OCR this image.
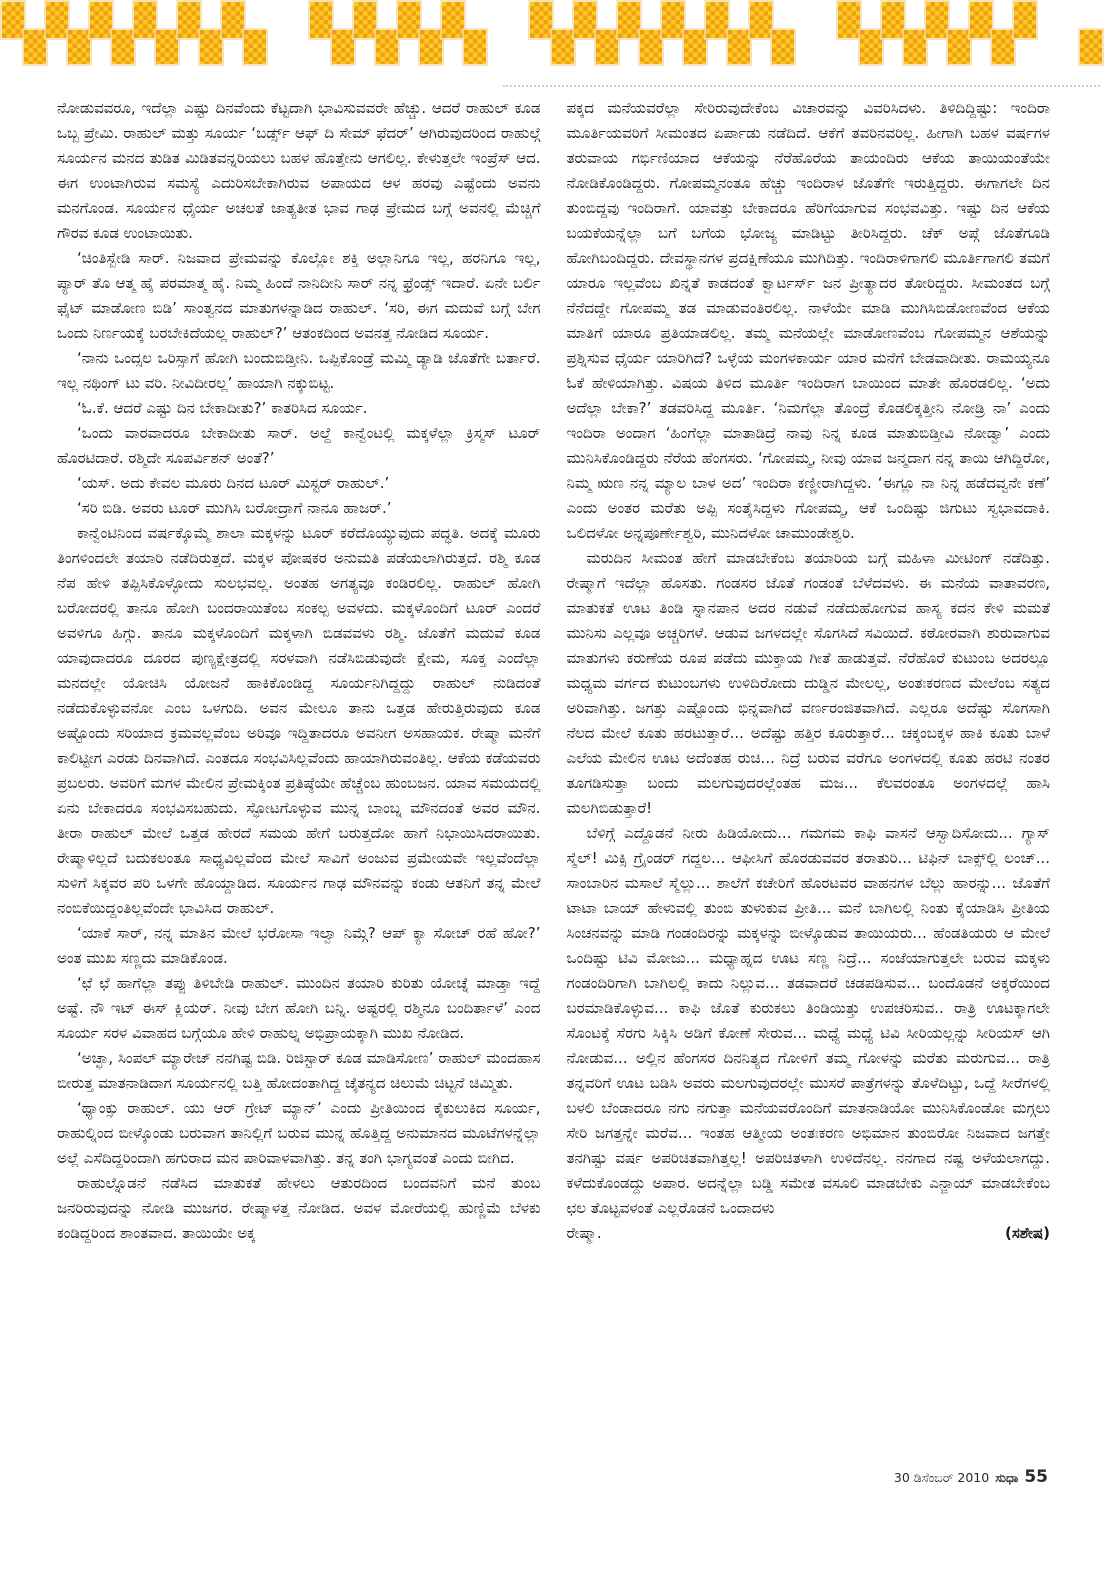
ನೋಡುವವರೂ, ಇದೆಲ್ಲಾ ಎಷ್ಟು ದಿನವೆಂದು ಕೆಟ್ಟದಾಗಿ ಭಾವಿಸುವವರೇ ಹೆಚ್ಚು. ಆದರೆ ರಾಹುಲ್ ಕೂಡ ಒಬ್ಬ ಪ್ರೇಮಿ. ರಾಹುಲ್ ಮತ್ತು ಸೂರ್ಯ ‘ಬರ್ಡ್ಸ್ ಆಫ್ ದಿ ಸೇಮ್ ಫೆದರ್’ ಆಗಿರುವುದರಿಂದ ರಾಹುಲ್ಗೆ ಸೂರ್ಯನ ಮನದ ತುಡಿತ ಮಿಡಿತವನ್ನರಿಯಲು ಬಹಳ ಹೊತ್ತೇನು ಆಗಲಿಲ್ಲ. ಕೇಳುತ್ತಲೇ ಇಂಪ್ರೆಸ್ ಆದ. ಈಗ ಉಂಟಾಗಿರುವ ಸಮಸ್ಯೆ ಎದುರಿಸಬೇಕಾಗಿರುವ ಅಪಾಯದ ಆಳ ಹರವು ಎಷ್ಟೆಂದು ಅವನು ಮನಗೊಂಡ. ಸೂರ್ಯನ ಧೈರ್ಯ ಅಚಲತೆ ಜಾತ್ಯತೀತ ಭಾವ ಗಾಢ ಪ್ರೇಮದ ಬಗ್ಗೆ ಅವನಲ್ಲಿ ಮೆಚ್ಚಿಗೆ ಗೌರವ ಕೂಡ ಉಂಟಾಯಿತು.

‘ಚಿಂತಿಸ್ಬೇಡಿ ಸಾರ್. ನಿಜವಾದ ಪ್ರೇಮವನ್ನು ಕೊಲ್ಲೋ ಶಕ್ತಿ ಅಲ್ಲಾನಿಗೂ ಇಲ್ಲ, ಹರನಿಗೂ ಇಲ್ಲ, ಪ್ಯಾರ್ ತೊ ಆತ್ಮ ಹೈ ಪರಮಾತ್ಮ ಹೈ. ನಿಮ್ಮ ಹಿಂದೆ ನಾನಿದೀನಿ ಸಾರ್ ನನ್ನ ಫ್ರೆಂಡ್ಸ್ ಇದಾರೆ. ಏನೇ ಬರ್ಲಿ ಫೈಟ್ ಮಾಡೋಣ ಬಿಡಿ’ ಸಾಂತ್ವನದ ಮಾತುಗಳನ್ನಾಡಿದ ರಾಹುಲ್. ‘ಸರಿ, ಈಗ ಮದುವೆ ಬಗ್ಗೆ ಬೇಗ ಒಂದು ನಿರ್ಣಯಕ್ಕೆ ಬರಬೇಕಿದೆಯಲ್ಲ ರಾಹುಲ್?’ ಆತಂಕದಿಂದ ಅವನತ್ತ ನೋಡಿದ ಸೂರ್ಯ.

‘ನಾನು ಒಂದ್ಸಲ ಒರಿಸ್ಸಾಗೆ ಹೋಗಿ ಬಂದುಬಿಡ್ತೀನಿ. ಒಪ್ಪಿಕೊಂಡ್ರೆ ಮಮ್ಮಿ ಡ್ಯಾಡಿ ಜೊತೆಗೇ ಬರ್ತಾರೆ. ಇಲ್ಲ ನಥಿಂಗ್ ಟು ವರಿ. ನೀವಿದೀರಲ್ಲ’ ಹಾಯಾಗಿ ನಕ್ಕುಬಿಟ್ಟ.

‘ಓ.ಕೆ. ಆದರೆ ಎಷ್ಟು ದಿನ ಬೇಕಾದೀತು?’ ಕಾತರಿಸಿದ ಸೂರ್ಯ.

‘ಒಂದು ವಾರವಾದರೂ ಬೇಕಾದೀತು ಸಾರ್. ಅಲ್ದೆ ಕಾನ್ವೆಂಟಲ್ಲಿ ಮಕ್ಕಳೆಲ್ಲಾ ಕ್ರಿಸ್ಮಸ್ ಟೂರ್ ಹೊರಟಿದಾರೆ. ರಶ್ಮಿದೇ ಸೂಪರ್ವಿಶನ್ ಅಂತೆ?’

‘ಯಸ್. ಅದು ಕೇವಲ ಮೂರು ದಿನದ ಟೂರ್ ಮಿಸ್ಟರ್ ರಾಹುಲ್.’

‘ಸರಿ ಬಿಡಿ. ಅವರು ಟೂರ್ ಮುಗಿಸಿ ಬರೋದ್ರಾಗೆ ನಾನೂ ಹಾಜರ್.’

ಕಾನ್ವೆಂಟಿನಿಂದ ವರ್ಷಕ್ಕೊಮ್ಮೆ ಶಾಲಾ ಮಕ್ಕಳನ್ನು ಟೂರ್ ಕರೆದೊಯ್ಯುವುದು ಪದ್ಧತಿ. ಅದಕ್ಕೆ ಮೂರು ತಿಂಗಳಿಂದಲೇ ತಯಾರಿ ನಡೆದಿರುತ್ತದೆ. ಮಕ್ಕಳ ಪೋಷಕರ ಅನುಮತಿ ಪಡೆಯಲಾಗಿರುತ್ತದೆ. ರಶ್ಮಿ ಕೂಡ ನೆಪ ಹೇಳಿ ತಪ್ಪಿಸಿಕೊಳ್ಳೋದು ಸುಲಭವಲ್ಲ. ಅಂತಹ ಅಗತ್ಯವೂ ಕಂಡಿರಲಿಲ್ಲ. ರಾಹುಲ್ ಹೋಗಿ ಬರೋದರಲ್ಲಿ ತಾನೂ ಹೋಗಿ ಬಂದರಾಯಿತೆಂಬ ಸಂಕಲ್ಪ ಅವಳದು. ಮಕ್ಕಳೊಂದಿಗೆ ಟೂರ್ ಎಂದರೆ ಅವಳಿಗೂ ಹಿಗ್ಗು. ತಾನೂ ಮಕ್ಕಳೊಂದಿಗೆ ಮಕ್ಕಳಾಗಿ ಬಿಡವವಳು ರಶ್ಮಿ. ಜೊತೆಗೆ ಮದುವೆ ಕೂಡ ಯಾವುದಾದರೂ ದೂರದ ಪುಣ್ಯಕ್ಷೇತ್ರದಲ್ಲಿ ಸರಳವಾಗಿ ನಡೆಸಿಬಿಡುವುದೇ ಕ್ಷೇಮ, ಸೂಕ್ತ ಎಂದೆಲ್ಲಾ ಮನದಲ್ಲೇ ಯೋಚಿಸಿ ಯೋಜನೆ ಹಾಕಿಕೊಂಡಿದ್ದ ಸೂರ್ಯನಿಗಿದ್ದದ್ದು ರಾಹುಲ್ ನುಡಿದಂತೆ ನಡೆದುಕೊಳ್ಳುವನೋ ಎಂಬ ಒಳಗುದಿ. ಅವನ ಮೇಲೂ ತಾನು ಒತ್ತಡ ಹೇರುತ್ತಿರುವುದು ಕೂಡ ಅಷ್ಟೊಂದು ಸರಿಯಾದ ಕ್ರಮವಲ್ಲವೆಂಬ ಅರಿವೂ ಇದ್ದಿತಾದರೂ ಅವನೀಗ ಅಸಹಾಯಕ. ರೇಷ್ಮಾ ಮನೆಗೆ ಕಾಲಿಟ್ಟೀಗ ಎರಡು ದಿನವಾಗಿದೆ. ಎಂತದೂ ಸಂಭವಿಸಿಲ್ಲವೆಂದು ಹಾಯಾಗಿರುವಂತಿಲ್ಲ. ಆಕೆಯ ಕಡೆಯವರು ಪ್ರಬಲರು. ಅವರಿಗೆ ಮಗಳ ಮೇಲಿನ ಪ್ರೇಮಕ್ಕಿಂತ ಪ್ರತಿಷ್ಠೆಯೇ ಹೆಚ್ಚೆಂಬ ಹುಂಬಜನ. ಯಾವ ಸಮಯದಲ್ಲಿ ಏನು ಬೇಕಾದರೂ ಸಂಭವಿಸಬಹುದು. ಸ್ಫೋಟಗೊಳ್ಳುವ ಮುನ್ನ ಬಾಂಬ್ನ ಮೌನದಂತೆ ಅವರ ಮೌನ. ತೀರಾ ರಾಹುಲ್ ಮೇಲೆ ಒತ್ತಡ ಹೇರದೆ ಸಮಯ ಹೇಗೆ ಬರುತ್ತದೋ ಹಾಗೆ ನಿಭಾಯಿಸಿದರಾಯಿತು. ರೇಷ್ಮಾಳಿಲ್ಲದೆ ಬದುಕಲಂತೂ ಸಾಧ್ಯವಿಲ್ಲವೆಂದ ಮೇಲೆ ಸಾವಿಗೆ ಅಂಜುವ ಪ್ರಮೇಯವೇ ಇಲ್ಲವೆಂದೆಲ್ಲಾ ಸುಳಿಗೆ ಸಿಕ್ಕವರ ಪರಿ ಒಳಗೇ ಹೊಯ್ದಾಡಿದ. ಸೂರ್ಯನ ಗಾಢ ಮೌನವನ್ನು ಕಂಡು ಆತನಿಗೆ ತನ್ನ ಮೇಲೆ ನಂಬಿಕೆಯಿದ್ದಂತಿಲ್ಲವೆಂದೇ ಭಾವಿಸಿದ ರಾಹುಲ್.

‘ಯಾಕೆ ಸಾರ್, ನನ್ನ ಮಾತಿನ ಮೇಲೆ ಭರೋಸಾ ಇಲ್ವಾ ನಿಮ್ಗೆ? ಆಪ್ ಕ್ಯಾ ಸೋಚ್ ರಹೆ ಹೋ?’ ಅಂತ ಮುಖ ಸಣ್ಣದು ಮಾಡಿಕೊಂಡ.

‘ಛೆ ಛೆ ಹಾಗೆಲ್ಲಾ ತಪ್ಪು ತಿಳಿಬೇಡಿ ರಾಹುಲ್. ಮುಂದಿನ ತಯಾರಿ ಕುರಿತು ಯೋಚ್ನೆ ಮಾಡ್ತಾ ಇದ್ದೆ ಅಷ್ಟೆ. ನೌ ಇಟ್ ಈಸ್ ಕ್ಲಿಯರ್. ನೀವು ಬೇಗ ಹೋಗಿ ಬನ್ನಿ. ಅಷ್ಟರಲ್ಲಿ ರಶ್ಮಿನೂ ಬಂದಿರ್ತಾಳೆ’ ಎಂದ ಸೂರ್ಯ ಸರಳ ವಿವಾಹದ ಬಗ್ಗೆಯೂ ಹೇಳಿ ರಾಹುಲ್ನ ಅಭಿಪ್ರಾಯಕ್ಕಾಗಿ ಮುಖ ನೋಡಿದ.

‘ಅಚ್ಛಾ, ಸಿಂಪಲ್ ಮ್ಯಾರೇಜ್ ನನಗಿಷ್ಟ ಬಿಡಿ. ರಿಜಿಸ್ಟಾರ್ ಕೂಡ ಮಾಡಿಸೋಣ’ ರಾಹುಲ್ ಮಂದಹಾಸ ಬೀರುತ್ತ ಮಾತನಾಡಿದಾಗ ಸೂರ್ಯನಲ್ಲಿ ಬತ್ತಿ ಹೋದಂತಾಗಿದ್ದ ಚೈತನ್ಯದ ಚಿಲುಮೆ ಚಿಟ್ಟನೆ ಚಿಮ್ಮಿತು.

‘ಥ್ಯಾಂಕ್ಸು ರಾಹುಲ್. ಯು ಆರ್ ಗ್ರೇಟ್ ಮ್ಯಾನ್’ ಎಂದು ಪ್ರೀತಿಯಿಂದ ಕೈಕುಲುಕಿದ ಸೂರ್ಯ, ರಾಹುಲ್ನಿಂದ ಬೀಳ್ಕೊಂಡು ಬರುವಾಗ ತಾನಿಲ್ಲಿಗೆ ಬರುವ ಮುನ್ನ ಹೊತ್ತಿದ್ದ ಅನುಮಾನದ ಮೂಟೆಗಳನ್ನೆಲ್ಲಾ ಅಲ್ಲೆ ಎಸೆದಿದ್ದರಿಂದಾಗಿ ಹಗುರಾದ ಮನ ಪಾರಿವಾಳವಾಗಿತ್ತು. ತನ್ನ ತಂಗಿ ಭಾಗ್ಯವಂತೆ ಎಂದು ಬೀಗಿದ.

ರಾಹುಲ್ನೊಡನೆ ನಡೆಸಿದ ಮಾತುಕತೆ ಹೇಳಲು ಆತುರದಿಂದ ಬಂದವನಿಗೆ ಮನೆ ತುಂಬ ಜನರಿರುವುದನ್ನು ನೋಡಿ ಮುಜಗರ. ರೇಷ್ಮಾಳತ್ತ ನೋಡಿದ. ಅವಳ ಮೋರೆಯಲ್ಲಿ ಹುಣ್ಣಿಮೆ ಬೆಳಕು ಕಂಡಿದ್ದರಿಂದ ಶಾಂತವಾದ. ತಾಯಿಯೇ ಅಕ್ಕ

ಪಕ್ಕದ ಮನೆಯವರೆಲ್ಲಾ ಸೇರಿರುವುದೇಕೆಂಬ ವಿಚಾರವನ್ನು ವಿವರಿಸಿದಳು. ತಿಳಿದಿದ್ದಿಷ್ಟು: ಇಂದಿರಾ ಮೂರ್ತಿಯವರಿಗೆ ಸೀಮಂತದ ಏರ್ಪಾಡು ನಡೆದಿದೆ. ಆಕೆಗೆ ತವರಿನವರಿಲ್ಲ. ಹೀಗಾಗಿ ಬಹಳ ವರ್ಷಗಳ ತರುವಾಯ ಗರ್ಭಿಣಿಯಾದ ಆಕೆಯನ್ನು ನೆರೆಹೊರೆಯ ತಾಯಂದಿರು ಆಕೆಯ ತಾಯಿಯಂತೆಯೇ ನೋಡಿಕೊಂಡಿದ್ದರು. ಗೋಪಮ್ಮನಂತೂ ಹೆಚ್ಚು ಇಂದಿರಾಳ ಜೊತೆಗೇ ಇರುತ್ತಿದ್ದರು. ಈಗಾಗಲೇ ದಿನ ತುಂಬಿದ್ದವು ಇಂದಿರಾಗೆ. ಯಾವತ್ತು ಬೇಕಾದರೂ ಹೆರಿಗೆಯಾಗುವ ಸಂಭವವಿತ್ತು. ಇಷ್ಟು ದಿನ ಆಕೆಯ ಬಯಕೆಯನ್ನೆಲ್ಲಾ ಬಗೆ ಬಗೆಯ ಭೋಜ್ಯ ಮಾಡಿಟ್ಟು ತೀರಿಸಿದ್ದರು. ಚೆಕ್ ಅಪ್ಗೆ ಜೊತೆಗೂಡಿ ಹೋಗಿಬಂದಿದ್ದರು. ದೇವಸ್ಥಾನಗಳ ಪ್ರದಕ್ಷಿಣೆಯೂ ಮುಗಿದಿತ್ತು. ಇಂದಿರಾಳಿಗಾಗಲಿ ಮೂರ್ತಿಗಾಗಲಿ ತಮಗೆ ಯಾರೂ ಇಲ್ಲವೆಂಬ ಖಿನ್ನತೆ ಕಾಡದಂತೆ ಕ್ವಾರ್ಟರ್ಸ್ ಜನ ಪ್ರೀತ್ಯಾದರ ತೋರಿದ್ದರು. ಸೀಮಂತದ ಬಗ್ಗೆ ನೆನೆದದ್ದೇ ಗೋಪಮ್ಮ ತಡ ಮಾಡುವಂತಿರಲಿಲ್ಲ. ನಾಳೆಯೇ ಮಾಡಿ ಮುಗಿಸಿಬಿಡೋಣವೆಂದ ಆಕೆಯ ಮಾತಿಗೆ ಯಾರೂ ಪ್ರತಿಯಾಡಲಿಲ್ಲ. ತಮ್ಮ ಮನೆಯಲ್ಲೇ ಮಾಡೋಣವೆಂಬ ಗೋಪಮ್ಮನ ಆಶೆಯನ್ನು ಪ್ರಶ್ನಿಸುವ ಧೈರ್ಯ ಯಾರಿಗಿದೆ? ಒಳ್ಳೆಯ ಮಂಗಳಕಾರ್ಯ ಯಾರ ಮನೆಗೆ ಬೇಡವಾದೀತು. ರಾಮಯ್ಯನೂ ಓಕೆ ಹೇಳಿಯಾಗಿತ್ತು. ವಿಷಯ ತಿಳಿದ ಮೂರ್ತಿ ಇಂದಿರಾಗ ಬಾಯಿಂದ ಮಾತೇ ಹೊರಡಲಿಲ್ಲ. ‘ಅದು ಅದೆಲ್ಲಾ ಬೇಕಾ?’ ತಡವರಿಸಿದ್ದ ಮೂರ್ತಿ. ‘ನಿಮಗೆಲ್ಲಾ ತೊಂದ್ರೆ ಕೊಡಲಿಕ್ಕತ್ತೀನಿ ನೋಡ್ರಿ ನಾ’ ಎಂದು ಇಂದಿರಾ ಅಂದಾಗ ‘ಹಿಂಗೆಲ್ಲಾ ಮಾತಾಡಿದ್ರೆ ನಾವು ನಿನ್ನ ಕೂಡ ಮಾತುಬಿಡ್ತೀವಿ ನೋಡ್ವಾ’ ಎಂದು ಮುನಿಸಿಕೊಂಡಿದ್ದರು ನೆರೆಯ ಹೆಂಗಸರು. ‘ಗೋಪಮ್ಮ, ನೀವು ಯಾವ ಜನ್ಮದಾಗ ನನ್ನ ತಾಯಿ ಆಗಿದ್ದಿರೋ, ನಿಮ್ಮ ಋಣ ನನ್ನ ಮ್ಯಾಲ ಬಾಳ ಅದ’ ಇಂದಿರಾ ಕಣ್ಣೀರಾಗಿದ್ದಳು. ‘ಈಗ್ಲೂ ನಾ ನಿನ್ನ ಹಡೆದವ್ವನೇ ಕಣೆ’ ಎಂದು ಅಂತರ ಮರೆತು ಅಪ್ಪಿ ಸಂತೈಸಿದ್ದಳು ಗೋಪಮ್ಮ, ಆಕೆ ಒಂದಿಷ್ಟು ಜಿಗುಟು ಸ್ವಭಾವದಾಕಿ. ಒಲಿದಳೋ ಅನ್ನಪೂರ್ಣೇಶ್ವರಿ, ಮುನಿದಳೋ ಚಾಮುಂಡೇಶ್ವರಿ.

ಮರುದಿನ ಸೀಮಂತ ಹೇಗೆ ಮಾಡಬೇಕೆಂಬ ತಯಾರಿಯ ಬಗ್ಗೆ ಮಹಿಳಾ ಮೀಟಿಂಗ್ ನಡೆದಿತ್ತು. ರೇಷ್ಮಾಗೆ ಇದೆಲ್ಲಾ ಹೊಸತು. ಗಂಡಸರ ಜೊತೆ ಗಂಡಂತೆ ಬೆಳೆದವಳು. ಈ ಮನೆಯ ವಾತಾವರಣ, ಮಾತುಕತೆ ಊಟ ತಿಂಡಿ ಸ್ನಾನಪಾನ ಅದರ ನಡುವೆ ನಡೆದುಹೋಗುವ ಹಾಸ್ಯ ಕದನ ಕೇಳಿ ಮಮತೆ ಮುನಿಸು ಎಲ್ಲವೂ ಅಚ್ಚರಿಗಳೆ. ಆಡುವ ಜಗಳದಲ್ಲೇ ಸೊಗಸಿದೆ ಸವಿಯಿದೆ. ಕಠೋರವಾಗಿ ಶುರುವಾಗುವ ಮಾತುಗಳು ಕರುಣೆಯ ರೂಪ ಪಡೆದು ಮುಕ್ತಾಯ ಗೀತೆ ಹಾಡುತ್ತವೆ. ನೆರೆಹೊರೆ ಕುಟುಂಬ ಅದರಲ್ಲೂ ಮಧ್ಯಮ ವರ್ಗದ ಕುಟುಂಬಗಳು ಉಳಿದಿರೋದು ದುಡ್ಡಿನ ಮೇಲಲ್ಲ, ಅಂತಃಕರಣದ ಮೇಲೆಂಬ ಸತ್ಯದ ಅರಿವಾಗಿತ್ತು. ಜಗತ್ತು ಎಷ್ಟೊಂದು ಭಿನ್ನವಾಗಿದೆ ವರ್ಣರಂಜಿತವಾಗಿದೆ. ಎಲ್ಲರೂ ಅದೆಷ್ಟು ಸೊಗಸಾಗಿ ನೆಲದ ಮೇಲೆ ಕೂತು ಹರಟುತ್ತಾರೆ... ಅದೆಷ್ಟು ಹತ್ತಿರ ಕೂರುತ್ತಾರೆ... ಚಕ್ಕಂಬಕ್ಕಳ ಹಾಕಿ ಕೂತು ಬಾಳೆ ಎಲೆಯ ಮೇಲಿನ ಊಟ ಅದೆಂತಹ ರುಚಿ... ನಿದ್ರೆ ಬರುವ ವರೆಗೂ ಅಂಗಳದಲ್ಲಿ ಕೂತು ಹರಟಿ ನಂತರ ತೂಗಡಿಸುತ್ತಾ ಬಂದು ಮಲಗುವುದರಲ್ಲೆಂತಹ ಮಜ... ಕೆಲವರಂತೂ ಅಂಗಳದಲ್ಲೆ ಹಾಸಿ ಮಲಗಿಬಿಡುತ್ತಾರೆ!

ಬೆಳಿಗ್ಗೆ ಎದ್ದೊಡನೆ ನೀರು ಹಿಡಿಯೋದು... ಗಮಗಮ ಕಾಫಿ ವಾಸನೆ ಆಸ್ವಾದಿಸೋದು... ಗ್ಯಾಸ್ ಸ್ಮೆಲ್! ಮಿಕ್ಸಿ ಗ್ರೈಂಡರ್ ಗದ್ದಲ... ಆಫೀಸಿಗೆ ಹೊರಡುವವರ ತರಾತುರಿ... ಟಿಫಿನ್ ಬಾಕ್ಸ್‌ಲ್ಲಿ ಲಂಚ್... ಸಾಂಬಾರಿನ ಮಸಾಲೆ ಸ್ಮೆಲ್ಲು... ಶಾಲೆಗೆ ಕಚೇರಿಗೆ ಹೊರಟವರ ವಾಹನಗಳ ಬೆಲ್ಲು ಹಾರನ್ನು... ಜೊತೆಗೆ ಟಾಟಾ ಬಾಯ್ ಹೇಳುವಲ್ಲಿ ತುಂಬಿ ತುಳುಕುವ ಪ್ರೀತಿ... ಮನೆ ಬಾಗಿಲಲ್ಲಿ ನಿಂತು ಕೈಯಾಡಿಸಿ ಪ್ರೀತಿಯ ಸಿಂಚನವನ್ನು ಮಾಡಿ ಗಂಡಂದಿರನ್ನು ಮಕ್ಕಳನ್ನು ಬೀಳ್ಕೊಡುವ ತಾಯಿಯರು... ಹೆಂಡತಿಯರು ಆ ಮೇಲೆ ಒಂದಿಷ್ಟು ಟಿವಿ ಮೋಜು... ಮಧ್ಯಾಹ್ನದ ಊಟ ಸಣ್ಣ ನಿದ್ರೆ... ಸಂಜೆಯಾಗುತ್ತಲೇ ಬರುವ ಮಕ್ಕಳು ಗಂಡಂದಿರಿಗಾಗಿ ಬಾಗಿಲಲ್ಲಿ ಕಾದು ನಿಲ್ಲುವ... ತಡವಾದರೆ ಚಡಪಡಿಸುವ... ಬಂದೊಡನೆ ಅಕ್ಕರೆಯಿಂದ ಬರಮಾಡಿಕೊಳ್ಳುವ... ಕಾಫಿ ಜೊತೆ ಕುರುಕಲು ತಿಂಡಿಯಿತ್ತು ಉಪಚರಿಸುವ.. ರಾತ್ರಿ ಊಟಕ್ಕಾಗಲೇ ಸೊಂಟಕ್ಕೆ ಸೆರಗು ಸಿಕ್ಕಿಸಿ ಅಡಿಗೆ ಕೋಣೆ ಸೇರುವ... ಮಧ್ಯೆ ಮಧ್ಯೆ ಟಿವಿ ಸೀರಿಯಲ್ಲನ್ನು ಸೀರಿಯಸ್ ಆಗಿ ನೋಡುವ... ಅಲ್ಲಿನ ಹೆಂಗಸರ ದಿನನಿತ್ಯದ ಗೋಳಿಗೆ ತಮ್ಮ ಗೋಳನ್ನು ಮರೆತು ಮರುಗುವ... ರಾತ್ರಿ ತನ್ನವರಿಗೆ ಊಟ ಬಡಿಸಿ ಅವರು ಮಲಗುವುದರಲ್ಲೇ ಮುಸರೆ ಪಾತ್ರೆಗಳನ್ನು ತೊಳೆದಿಟ್ಟು, ಒದ್ದೆ ಸೀರೆಗಳಲ್ಲಿ ಬಳಲಿ ಬೆಂಡಾದರೂ ನಗು ನಗುತ್ತಾ ಮನೆಯವರೊಂದಿಗೆ ಮಾತನಾಡಿಯೋ ಮುನಿಸಿಕೊಂಡೋ ಮಗ್ಗಲು ಸೇರಿ ಜಗತ್ತನ್ನೇ ಮರೆವ... ಇಂತಹ ಆತ್ಮೀಯ ಅಂತಃಕರಣ ಅಭಿಮಾನ ತುಂಬಿರೋ ನಿಜವಾದ ಜಗತ್ತೇ ತನಗಿಷ್ಟು ವರ್ಷ ಅಪರಿಚಿತವಾಗಿತ್ತಲ್ಲ! ಅಪರಿಚಿತಳಾಗಿ ಉಳಿದೆನಲ್ಲ. ನನಗಾದ ನಷ್ಟ ಅಳೆಯಲಾಗದ್ದು. ಕಳೆದುಕೊಂಡದ್ದು ಅಪಾರ. ಅದನ್ನೆಲ್ಲಾ ಬಡ್ಡಿ ಸಮೇತ ವಸೂಲಿ ಮಾಡಬೇಕು ಎನ್ಜಾಯ್ ಮಾಡಬೇಕೆಂಬ ಛಲ ತೊಟ್ಟವಳಂತೆ ಎಲ್ಲರೊಡನೆ ಒಂದಾದಳು

ರೇಷ್ಮಾ.	(ಸಶೇಷ)
30 ಡಿಸೆಂಬರ್ 2010 ಸುಧಾ 55
